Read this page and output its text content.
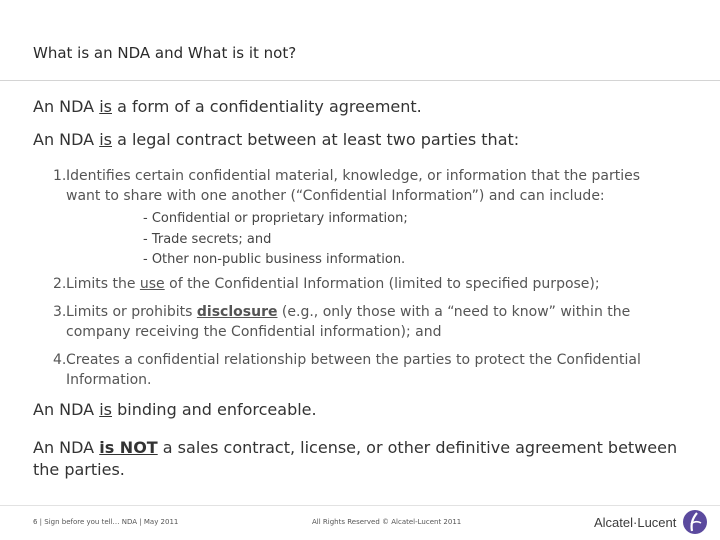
What is an NDA and What is it not?
An NDA is a form of a confidentiality agreement.
An NDA is a legal contract between at least two parties that:
1.Identifies certain confidential material, knowledge, or information that the parties
want to share with one another (“Confidential Information”) and can include:
- Confidential or proprietary information;
- Trade secrets; and
- Other non-public business information.
2.Limits the use of the Confidential Information (limited to specified purpose);
3.Limits or prohibits disclosure (e.g., only those with a “need to know” within the
company receiving the Confidential information); and
4.Creates a confidential relationship between the parties to protect the Confidential
Information.
An NDA is binding and enforceable.
An NDA is NOT a sales contract, license, or other definitive agreement between
the parties.
6 | Sign before you tell… NDA | May 2011	All Rights Reserved © Alcatel-Lucent 2011	Alcatel·Lucent
